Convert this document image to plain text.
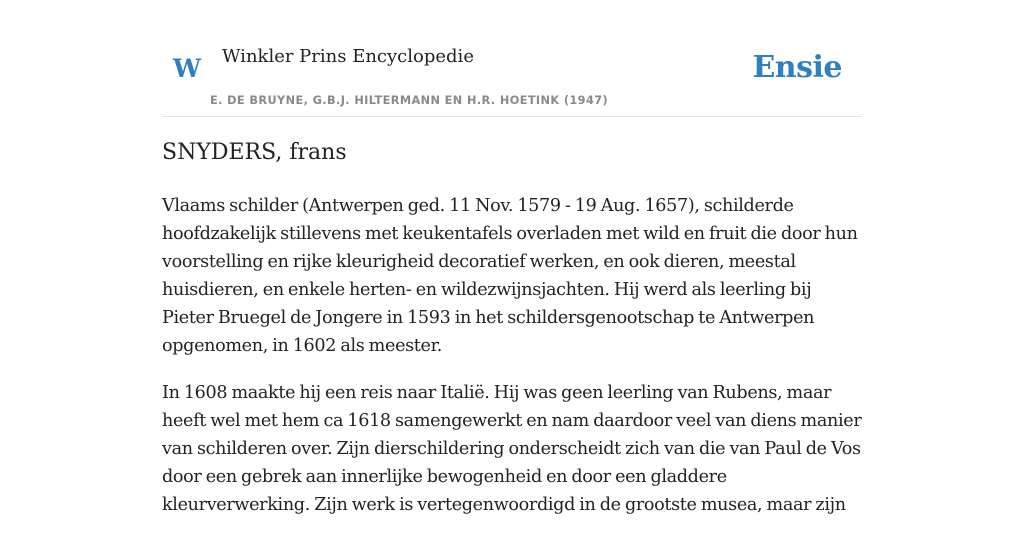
W Winkler Prins Encyclopedie
E. DE BRUYNE, G.B.J. HILTERMANN EN H.R. HOETINK (1947)
Ensie
SNYDERS, frans

Vlaams schilder (Antwerpen ged. 11 Nov. 1579 - 19 Aug. 1657), schilderde hoofdzakelijk stillevens met keukentafels overladen met wild en fruit die door hun voorstelling en rijke kleurigheid decoratief werken, en ook dieren, meestal huisdieren, en enkele herten- en wildezwijnsjachten. Hij werd als leerling bij Pieter Bruegel de Jongere in 1593 in het schildersgenootschap te Antwerpen opgenomen, in 1602 als meester.

In 1608 maakte hij een reis naar Italië. Hij was geen leerling van Rubens, maar heeft wel met hem ca 1618 samengewerkt en nam daardoor veel van diens manier van schilderen over. Zijn dierschildering onderscheidt zich van die van Paul de Vos door een gebrek aan innerlijke bewogenheid en door een gladdere kleurverwerking. Zijn werk is vertegenwoordigd in de grootste musea, maar zijn
